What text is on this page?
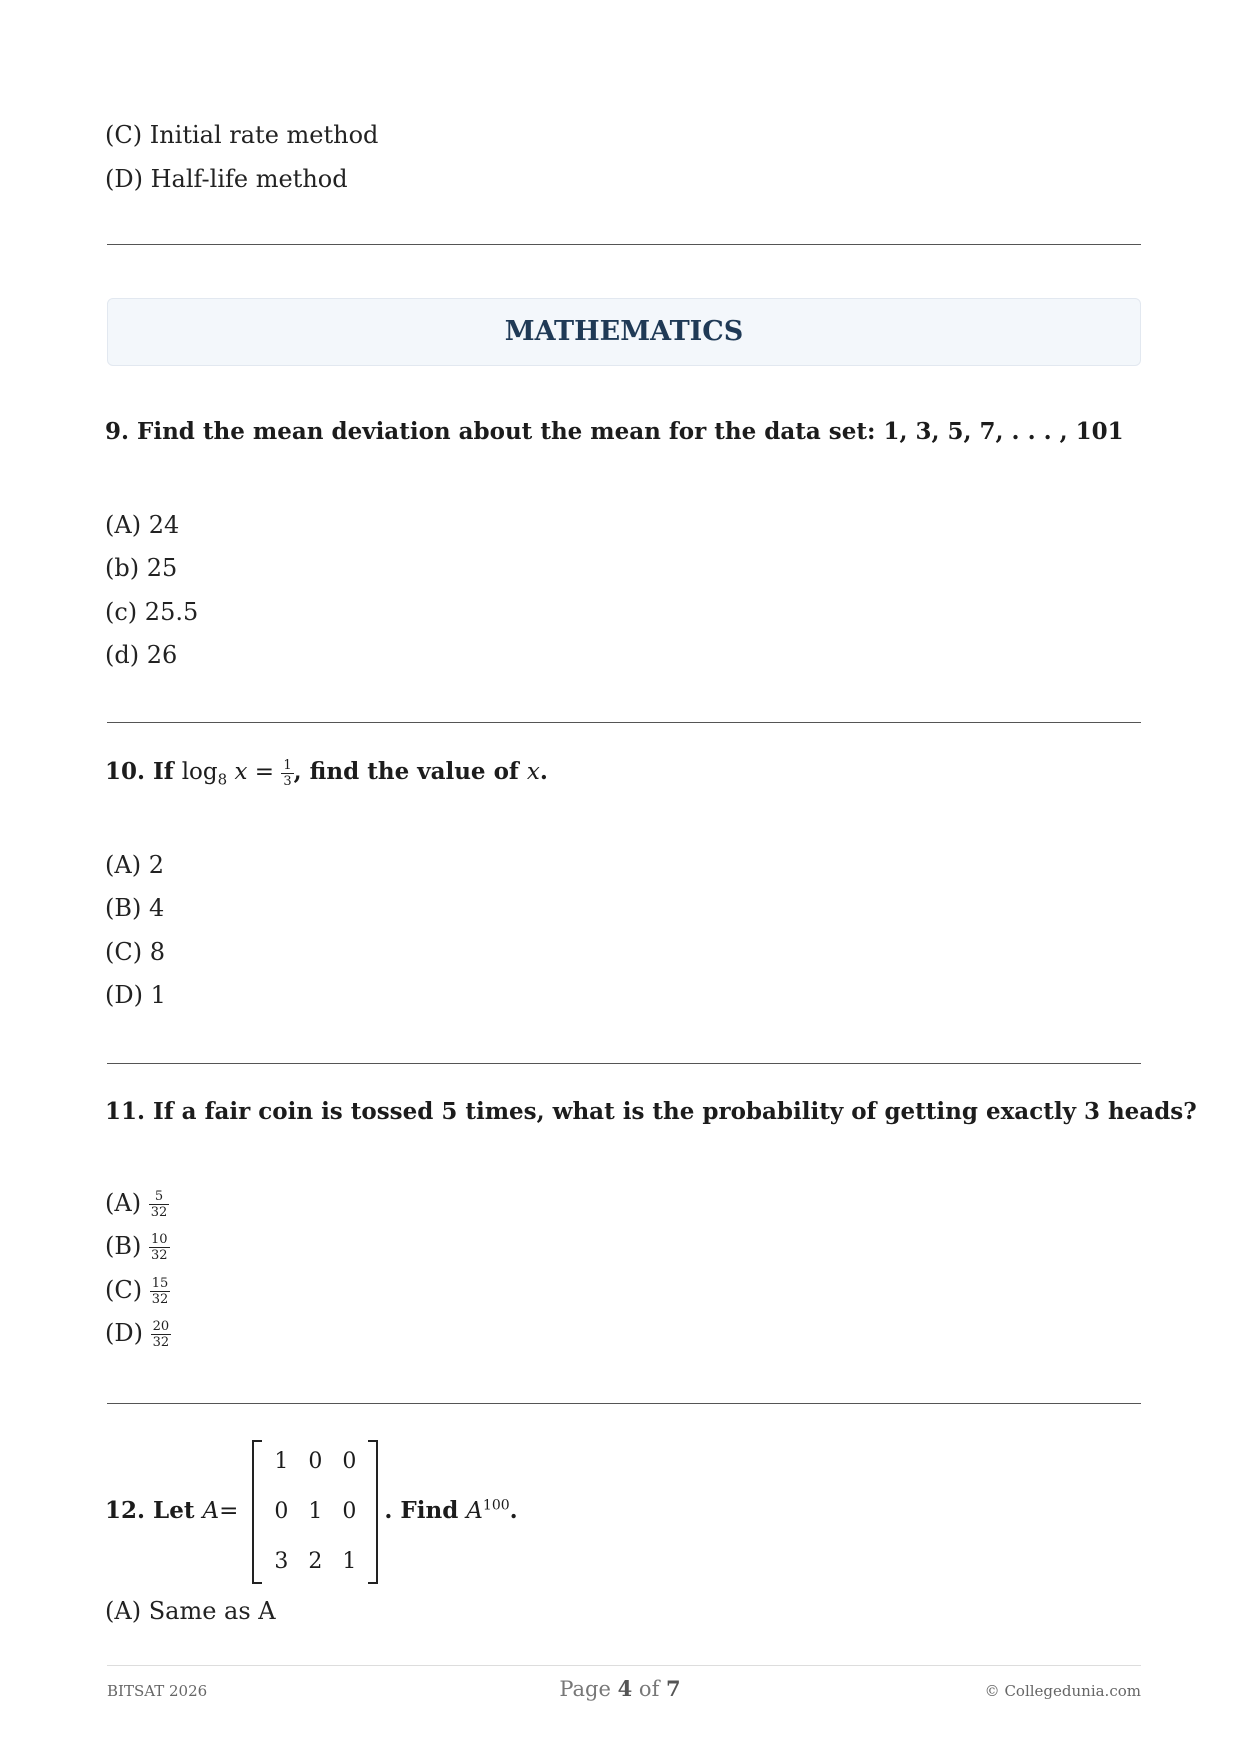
(C) Initial rate method
(D) Half-life method
MATHEMATICS
9. Find the mean deviation about the mean for the data set: 1, 3, 5, 7, . . . , 101
(A) 24
(b) 25
(c) 25.5
(d) 26
10. If $\log_8 x = \frac{1}{3}$ , find the value of x.
(A) 2
(B) 4
(C) 8
(D) 1
11. If a fair coin is tossed 5 times, what is the probability of getting exactly 3 heads?
$(A) \frac{5}{32}$
$(B) \frac{10}{32}$
$(C) \frac{15}{32}$
$(D) \frac{20}{32}$
12. Let A=
1 0 0
0 1 0
3 2 1
. Find $A^{100}$.
(A) Same as A
BITSAT 2026	Page 4 of 7	© Collegedunia.com
